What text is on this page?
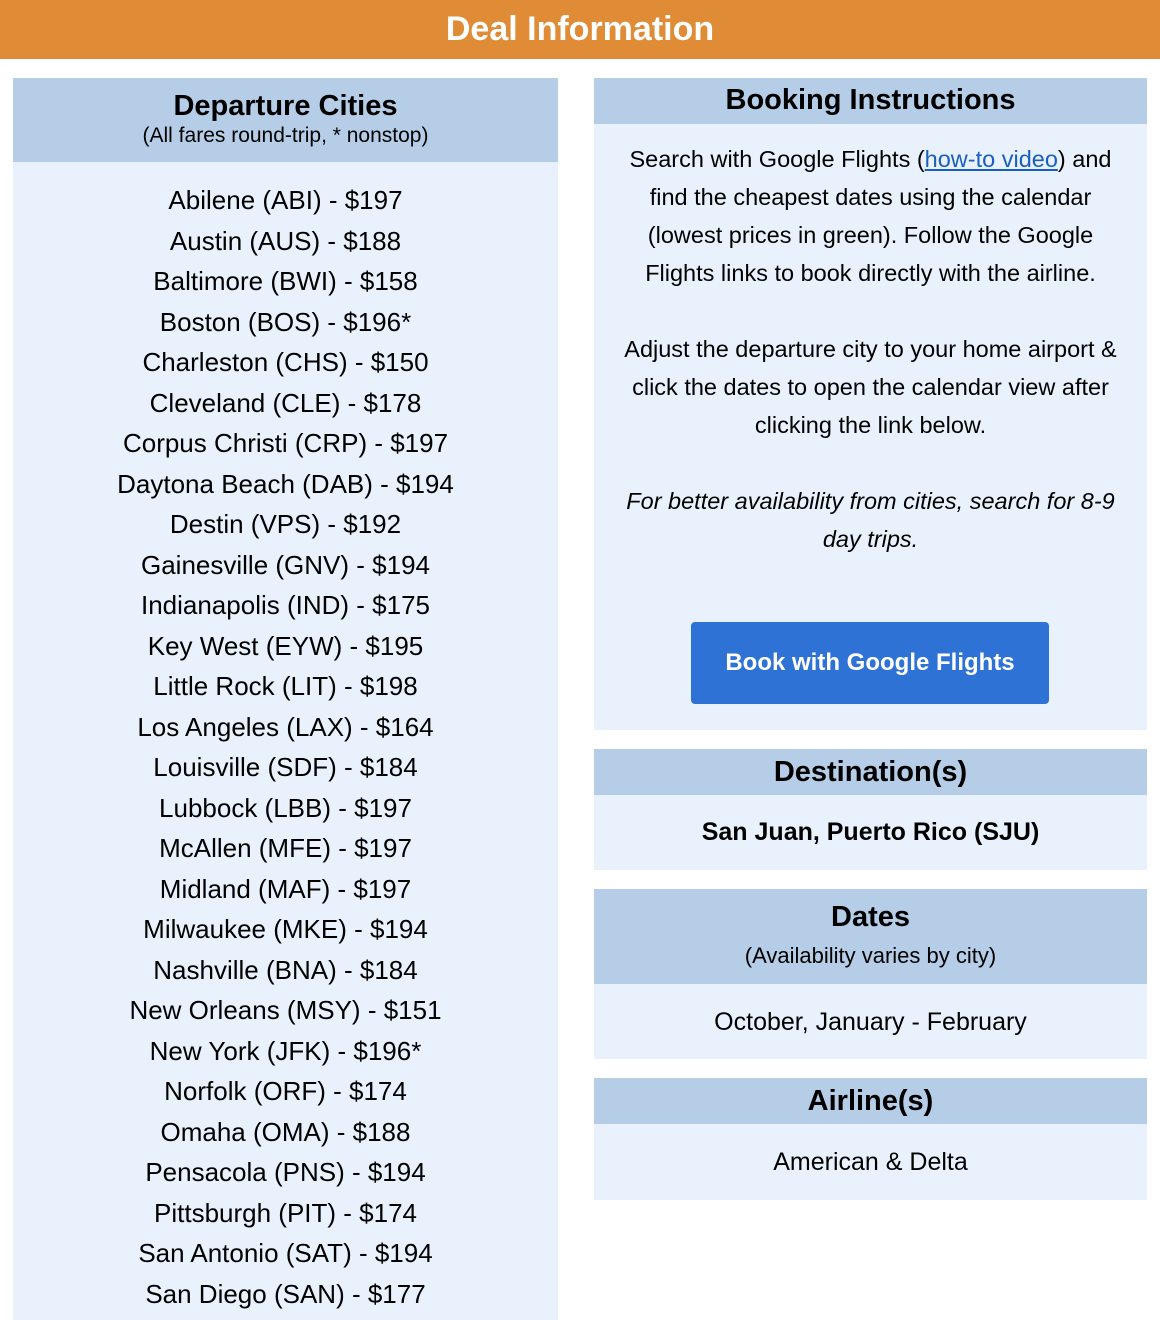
Deal Information
Departure Cities
(All fares round-trip, * nonstop)
Abilene (ABI) - $197
Austin (AUS) - $188
Baltimore (BWI) - $158
Boston (BOS) - $196*
Charleston (CHS) - $150
Cleveland (CLE) - $178
Corpus Christi (CRP) - $197
Daytona Beach (DAB) - $194
Destin (VPS) - $192
Gainesville (GNV) - $194
Indianapolis (IND) - $175
Key West (EYW) - $195
Little Rock (LIT) - $198
Los Angeles (LAX) - $164
Louisville (SDF) - $184
Lubbock (LBB) - $197
McAllen (MFE) - $197
Midland (MAF) - $197
Milwaukee (MKE) - $194
Nashville (BNA) - $184
New Orleans (MSY) - $151
New York (JFK) - $196*
Norfolk (ORF) - $174
Omaha (OMA) - $188
Pensacola (PNS) - $194
Pittsburgh (PIT) - $174
San Antonio (SAT) - $194
San Diego (SAN) - $177
Booking Instructions

Search with Google Flights (how-to video) and find the cheapest dates using the calendar (lowest prices in green). Follow the Google Flights links to book directly with the airline.

Adjust the departure city to your home airport & click the dates to open the calendar view after clicking the link below.

For better availability from cities, search for 8-9 day trips.

Book with Google Flights
Destination(s)
San Juan, Puerto Rico (SJU)
Dates
(Availability varies by city)
October, January - February
Airline(s)
American & Delta
